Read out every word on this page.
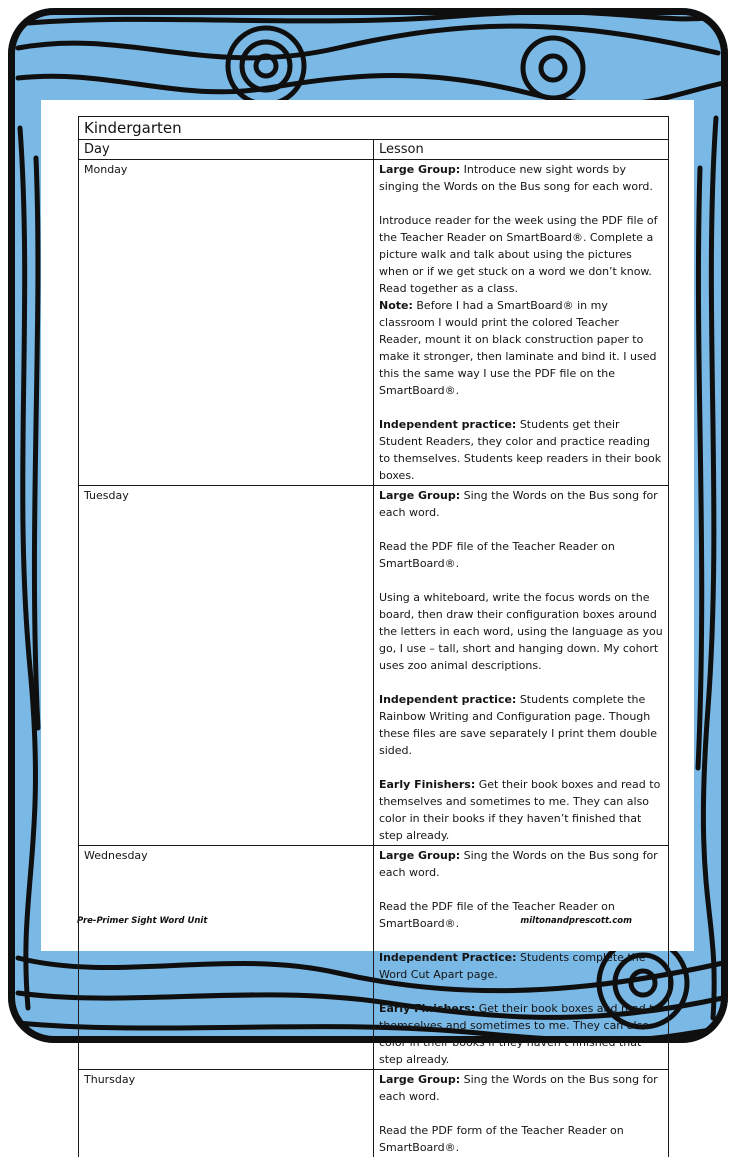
Kindergarten	
Day	Lesson
Monday	Large Group: Introduce new sight words by singing the Words on the Bus song for each word.

Introduce reader for the week using the PDF file of the Teacher Reader on SmartBoard®. Complete a picture walk and talk about using the pictures when or if we get stuck on a word we don’t know. Read together as a class.

Note: Before I had a SmartBoard® in my classroom I would print the colored Teacher Reader, mount it on black construction paper to make it stronger, then laminate and bind it. I used this the same way I use the PDF file on the SmartBoard®.

Independent practice: Students get their Student Readers, they color and practice reading to themselves. Students keep readers in their book boxes.

Tuesday	Large Group: Sing the Words on the Bus song for each word.

Read the PDF file of the Teacher Reader on SmartBoard®.

Using a whiteboard, write the focus words on the board, then draw their configuration boxes around the letters in each word, using the language as you go, I use – tall, short and hanging down. My cohort uses zoo animal descriptions.

Independent practice: Students complete the Rainbow Writing and Configuration page. Though these files are save separately I print them double sided.

Early Finishers: Get their book boxes and read to themselves and sometimes to me. They can also color in their books if they haven’t finished that step already.

Wednesday	Large Group: Sing the Words on the Bus song for each word.

Read the PDF file of the Teacher Reader on SmartBoard®.

Independent Practice: Students complete the Word Cut Apart page.

Early Finishers: Get their book boxes and read to themselves and sometimes to me. They can also color in their books if they haven’t finished that step already.

Thursday	Large Group: Sing the Words on the Bus song for each word.

Read the PDF form of the Teacher Reader on SmartBoard®.

Pre-Primer Sight Word Unit	miltonandprescott.com
